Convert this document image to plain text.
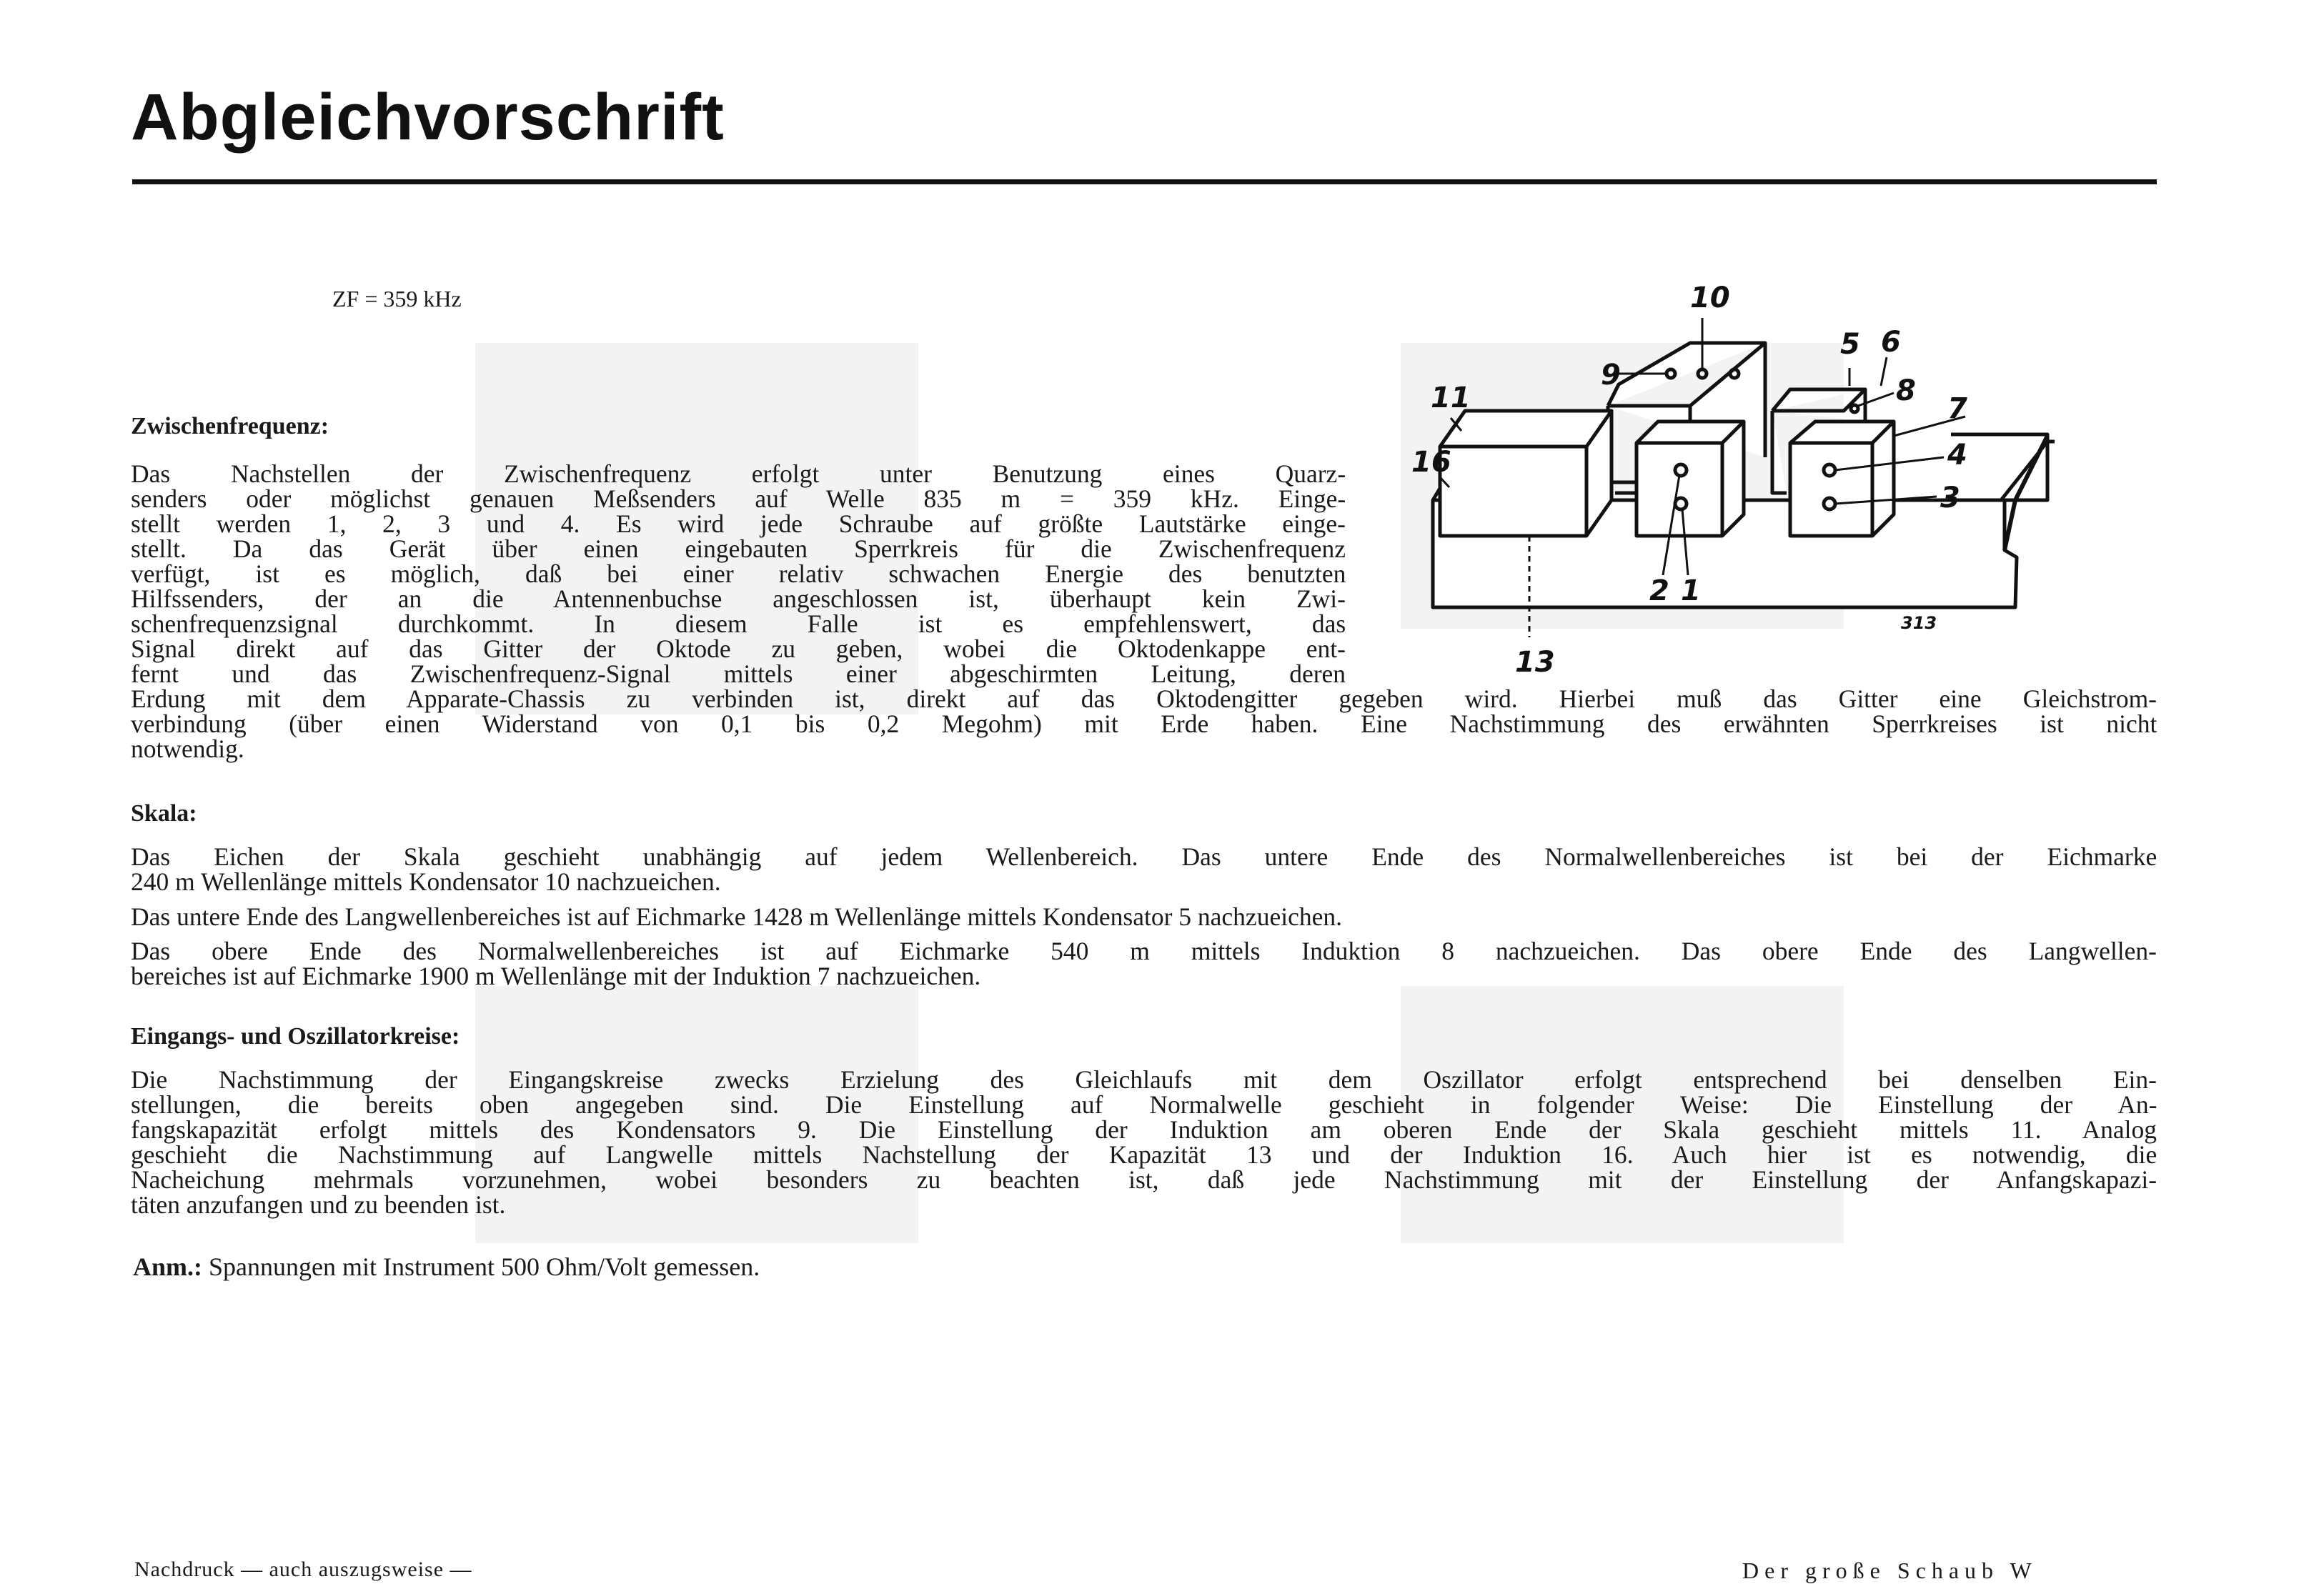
Abgleichvorschrift
ZF = 359 kHz
Zwischenfrequenz:
Das Nachstellen der Zwischenfrequenz erfolgt unter Benutzung eines Quarz-
senders oder möglichst genauen Meßsenders auf Welle 835 m = 359 kHz. Einge-
stellt werden 1, 2, 3 und 4. Es wird jede Schraube auf größte Lautstärke einge-
stellt. Da das Gerät über einen eingebauten Sperrkreis für die Zwischenfrequenz
verfügt, ist es möglich, daß bei einer relativ schwachen Energie des benutzten
Hilfssenders, der an die Antennenbuchse angeschlossen ist, überhaupt kein Zwi-
schenfrequenzsignal durchkommt. In diesem Falle ist es empfehlenswert, das
Signal direkt auf das Gitter der Oktode zu geben, wobei die Oktodenkappe ent-
fernt und das Zwischenfrequenz-Signal mittels einer abgeschirmten Leitung, deren
Erdung mit dem Apparate-Chassis zu verbinden ist, direkt auf das Oktodengitter gegeben wird. Hierbei muß das Gitter eine Gleichstrom-
verbindung (über einen Widerstand von 0,1 bis 0,2 Megohm) mit Erde haben. Eine Nachstimmung des erwähnten Sperrkreises ist nicht
notwendig.
Skala:
Das Eichen der Skala geschieht unabhängig auf jedem Wellenbereich. Das untere Ende des Normalwellenbereiches ist bei der Eichmarke
240 m Wellenlänge mittels Kondensator 10 nachzueichen.
Das untere Ende des Langwellenbereiches ist auf Eichmarke 1428 m Wellenlänge mittels Kondensator 5 nachzueichen.
Das obere Ende des Normalwellenbereiches ist auf Eichmarke 540 m mittels Induktion 8 nachzueichen. Das obere Ende des Langwellen-
bereiches ist auf Eichmarke 1900 m Wellenlänge mit der Induktion 7 nachzueichen.
Eingangs- und Oszillatorkreise:
Die Nachstimmung der Eingangskreise zwecks Erzielung des Gleichlaufs mit dem Oszillator erfolgt entsprechend bei denselben Ein-
stellungen, die bereits oben angegeben sind. Die Einstellung auf Normalwelle geschieht in folgender Weise: Die Einstellung der An-
fangskapazität erfolgt mittels des Kondensators 9. Die Einstellung der Induktion am oberen Ende der Skala geschieht mittels 11. Analog
geschieht die Nachstimmung auf Langwelle mittels Nachstellung der Kapazität 13 und der Induktion 16. Auch hier ist es notwendig, die
Nacheichung mehrmals vorzunehmen, wobei besonders zu beachten ist, daß jede Nachstimmung mit der Einstellung der Anfangskapazi-
täten anzufangen und zu beenden ist.
Anm.: Spannungen mit Instrument 500 Ohm/Volt gemessen.
10
9
5 6
8
7
11
16	4
3
2 1
13
313
Nachdruck — auch auszugsweise —	Der große Schaub W
